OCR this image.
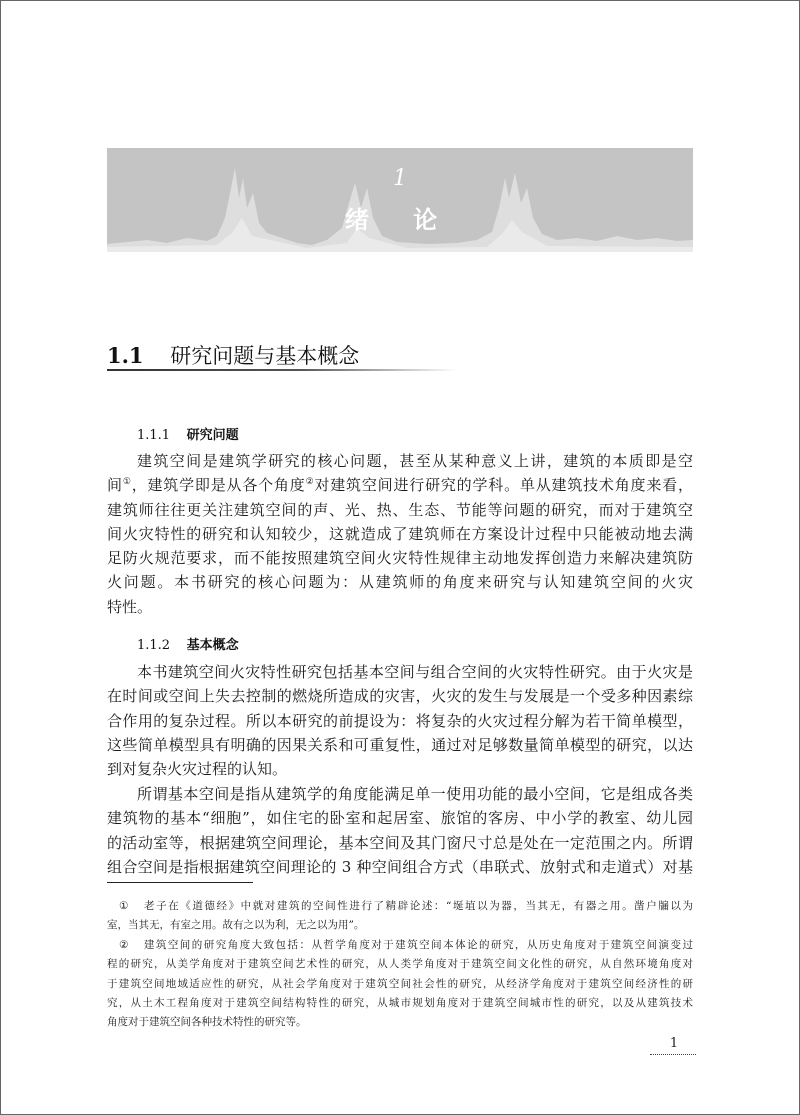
1
绪 论
1.1 研究问题与基本概念
1.1.1 研究问题
建筑空间是建筑学研究的核心问题，甚至从某种意义上讲，建筑的本质即是空
间①，建筑学即是从各个角度②对建筑空间进行研究的学科。单从建筑技术角度来看，
建筑师往往更关注建筑空间的声、光、热、生态、节能等问题的研究，而对于建筑空
间火灾特性的研究和认知较少，这就造成了建筑师在方案设计过程中只能被动地去满
足防火规范要求，而不能按照建筑空间火灾特性规律主动地发挥创造力来解决建筑防
火问题。本书研究的核心问题为：从建筑师的角度来研究与认知建筑空间的火灾
特性。
1.1.2 基本概念
本书建筑空间火灾特性研究包括基本空间与组合空间的火灾特性研究。由于火灾是
在时间或空间上失去控制的燃烧所造成的灾害，火灾的发生与发展是一个受多种因素综
合作用的复杂过程。所以本研究的前提设为：将复杂的火灾过程分解为若干简单模型，
这些简单模型具有明确的因果关系和可重复性，通过对足够数量简单模型的研究，以达
到对复杂火灾过程的认知。
所谓基本空间是指从建筑学的角度能满足单一使用功能的最小空间，它是组成各类
建筑物的基本“细胞”，如住宅的卧室和起居室、旅馆的客房、中小学的教室、幼儿园
的活动室等，根据建筑空间理论，基本空间及其门窗尺寸总是处在一定范围之内。所谓
组合空间是指根据建筑空间理论的 3 种空间组合方式（串联式、放射式和走道式）对基
① 老子在《道德经》中就对建筑的空间性进行了精辟论述：“埏埴以为器，当其无，有器之用。凿户牖以为
室，当其无，有室之用。故有之以为利，无之以为用”。
② 建筑空间的研究角度大致包括：从哲学角度对于建筑空间本体论的研究，从历史角度对于建筑空间演变过
程的研究，从美学角度对于建筑空间艺术性的研究，从人类学角度对于建筑空间文化性的研究，从自然环境角度对
于建筑空间地域适应性的研究，从社会学角度对于建筑空间社会性的研究，从经济学角度对于建筑空间经济性的研
究，从土木工程角度对于建筑空间结构特性的研究，从城市规划角度对于建筑空间城市性的研究，以及从建筑技术
角度对于建筑空间各种技术特性的研究等。
1
